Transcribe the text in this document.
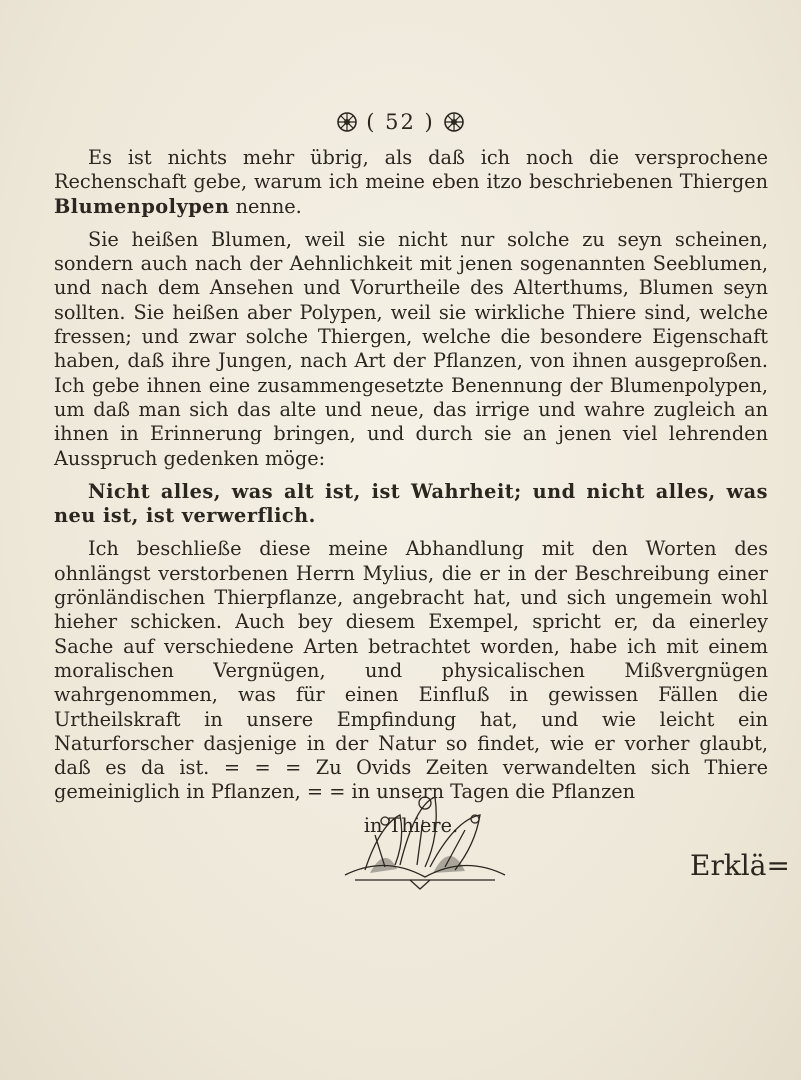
( 52 )

Es ist nichts mehr übrig, als daß ich noch die versprochene Rechenschaft gebe, warum ich meine eben itzo beschriebenen Thiergen Blumenpolypen nenne.

Sie heißen Blumen, weil sie nicht nur solche zu seyn scheinen, sondern auch nach der Aehnlichkeit mit jenen sogenannten Seeblumen, und nach dem Ansehen und Vorurtheile des Alterthums, Blumen seyn sollten. Sie heißen aber Polypen, weil sie wirkliche Thiere sind, welche fressen; und zwar solche Thiergen, welche die besondere Eigenschaft haben, daß ihre Jungen, nach Art der Pflanzen, von ihnen ausgeproßen. Ich gebe ihnen eine zusammengesetzte Benennung der Blumenpolypen, um daß man sich das alte und neue, das irrige und wahre zugleich an ihnen in Erinnerung bringen, und durch sie an jenen viel lehrenden Ausspruch gedenken möge:

Nicht alles, was alt ist, ist Wahrheit; und nicht alles, was neu ist, ist verwerflich.

Ich beschließe diese meine Abhandlung mit den Worten des ohnlängst verstorbenen Herrn Mylius, die er in der Beschreibung einer grönländischen Thierpflanze, angebracht hat, und sich ungemein wohl hieher schicken. Auch bey diesem Exempel, spricht er, da einerley Sache auf verschiedene Arten betrachtet worden, habe ich mit einem moralischen Vergnügen, und physicalischen Mißvergnügen wahrgenommen, was für einen Einfluß in gewissen Fällen die Urtheilskraft in unsere Empfindung hat, und wie leicht ein Naturforscher dasjenige in der Natur so findet, wie er vorher glaubt, daß es da ist. = = = Zu Ovids Zeiten verwandelten sich Thiere gemeiniglich in Pflanzen, = = in unsern Tagen die Pflanzen

in Thiere.

Erklä=
